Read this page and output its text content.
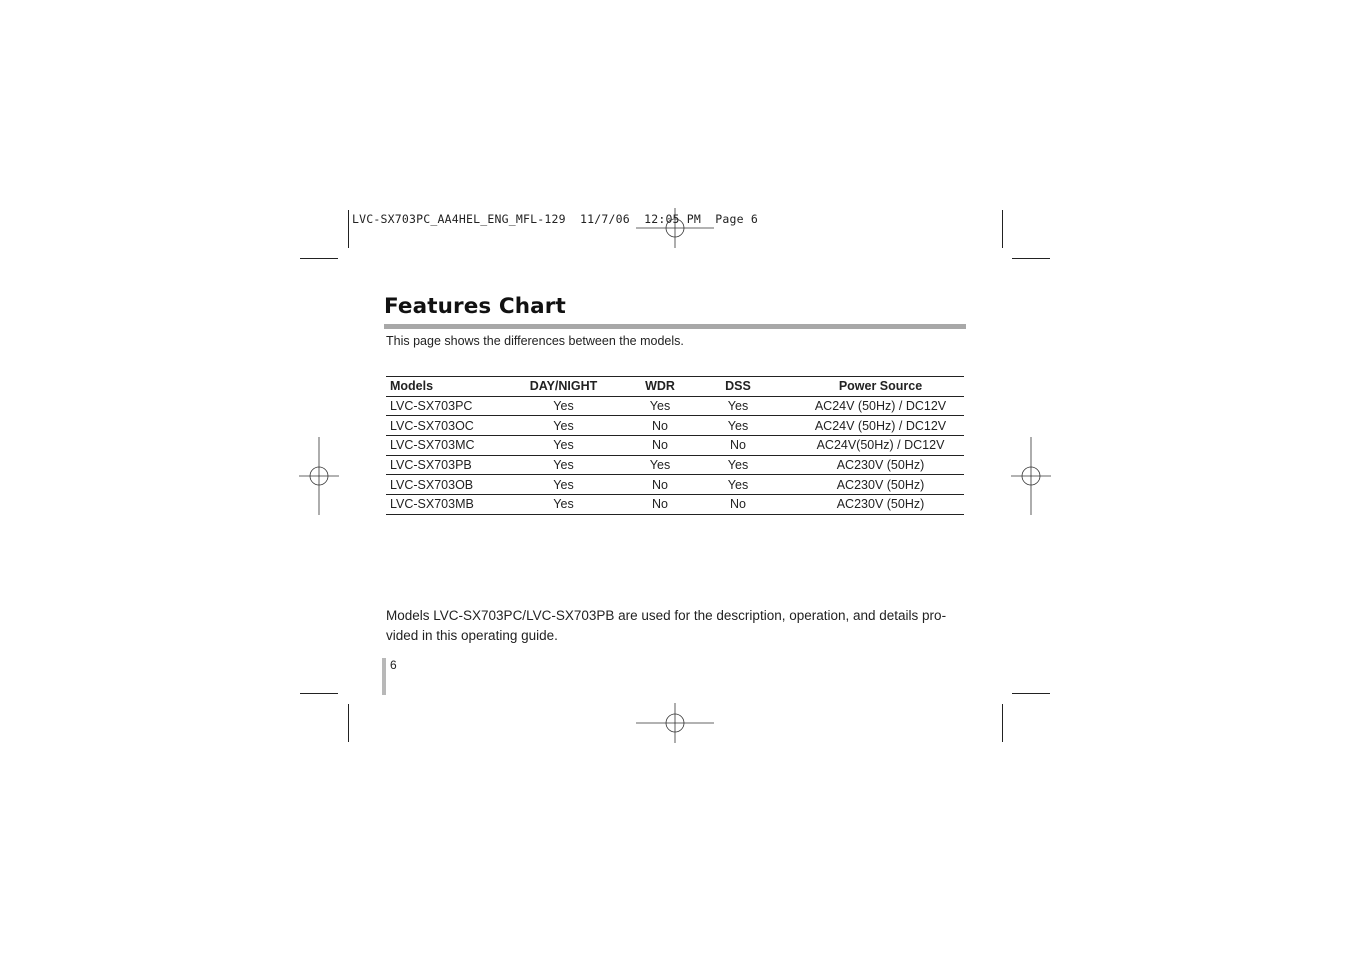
LVC-SX703PC_AA4HEL_ENG_MFL-129  11/7/06  12:05 PM  Page 6
Features Chart
This page shows the differences between the models.
Models	DAY/NIGHT	WDR	DSS	Power Source
LVC-SX703PC	Yes	Yes	Yes	AC24V (50Hz) / DC12V
LVC-SX703OC	Yes	No	Yes	AC24V (50Hz) / DC12V
LVC-SX703MC	Yes	No	No	AC24V(50Hz) / DC12V
LVC-SX703PB	Yes	Yes	Yes	AC230V (50Hz)
LVC-SX703OB	Yes	No	Yes	AC230V (50Hz)
LVC-SX703MB	Yes	No	No	AC230V (50Hz)
Models LVC-SX703PC/LVC-SX703PB are used for the description, operation, and details pro-vided in this operating guide.
6
